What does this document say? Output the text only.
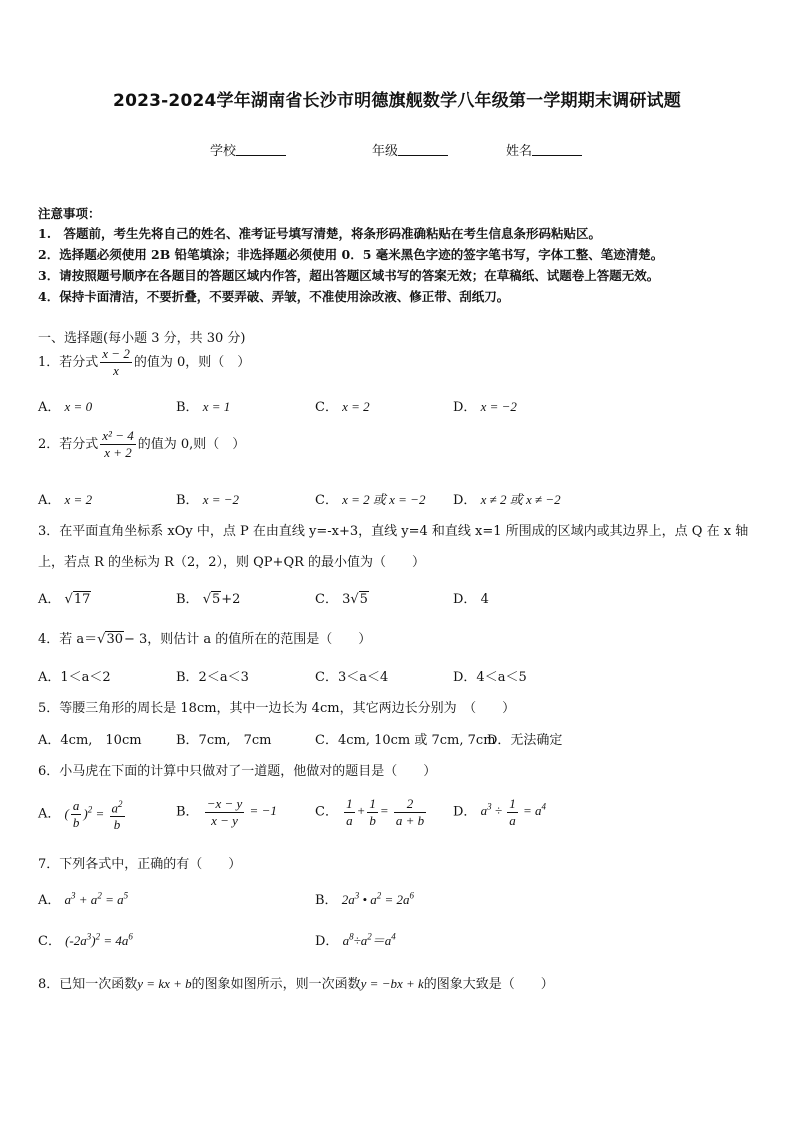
2023-2024学年湖南省长沙市明德旗舰数学八年级第一学期期末调研试题
学校	年级	姓名
注意事项：
1.　答题前，考生先将自己的姓名、准考证号填写清楚，将条形码准确粘贴在考生信息条形码粘贴区。
2．选择题必须使用 2B 铅笔填涂；非选择题必须使用 0．5 毫米黑色字迹的签字笔书写，字体工整、笔迹清楚。
3．请按照题号顺序在各题目的答题区域内作答，超出答题区域书写的答案无效；在草稿纸、试题卷上答题无效。
4．保持卡面清洁，不要折叠，不要弄破、弄皱，不准使用涂改液、修正带、刮纸刀。
一、选择题(每小题 3 分，共 30 分)
1．若分式 $\frac{x - 2}{x}$ 的值为 0，则（　）
A． x = 0	B． x = 1	C． x = 2	D． x = −2
2．若分式 $\frac{\text{x² − 4}}{x + 2}$ 的值为 0,则（　）
A． x = 2	B． x = −2	C． x = 2 或 x = −2 D． x ≠ 2 或 x ≠ −2
3．在平面直角坐标系 xOy 中，点 P 在由直线 y=-x+3，直线 y=4 和直线 x=1 所围成的区域内或其边界上，点 Q 在 x 轴
上，若点 R 的坐标为 R（2，2），则 QP+QR 的最小值为（　　）
A． √17	B． √5+2	C． 3√5	D． 4
4．若 a＝√30− 3，则估计 a 的值所在的范围是（　　）
A．1＜a＜2	B．2＜a＜3	C．3＜a＜4	D．4＜a＜5
5．等腰三角形的周长是 18cm，其中一边长为 4cm，其它两边长分别为　（　　）
A．4cm,　10cm	B．7cm,　7cm	C．4cm, 10cm 或 7cm, 7cm
D．无法确定
6．小马虎在下面的计算中只做对了一道题，他做对的题目是（　　）
A． ( $\frac{a}{b} )^2 = \frac{a^2}{b}$	B． $\frac{-x - y}{x - y} = -1$	C． $\frac{1}{a} + \frac{1}{b} = \frac{2}{a + b}$ D． $a^3 \div \frac{1}{a} = a^4$
7．下列各式中，正确的有（　　）
A． $a^3 + a^2 = a^5$	B． $2a^3$ • $a^2 = 2a^6$
C． $(-2a^3)^2 = 4a^6$	D． $a^8\div a^2=a^4$
8．已知一次函数y = kx + b的图象如图所示，则一次函数y = −bx + k的图象大致是（　　）
